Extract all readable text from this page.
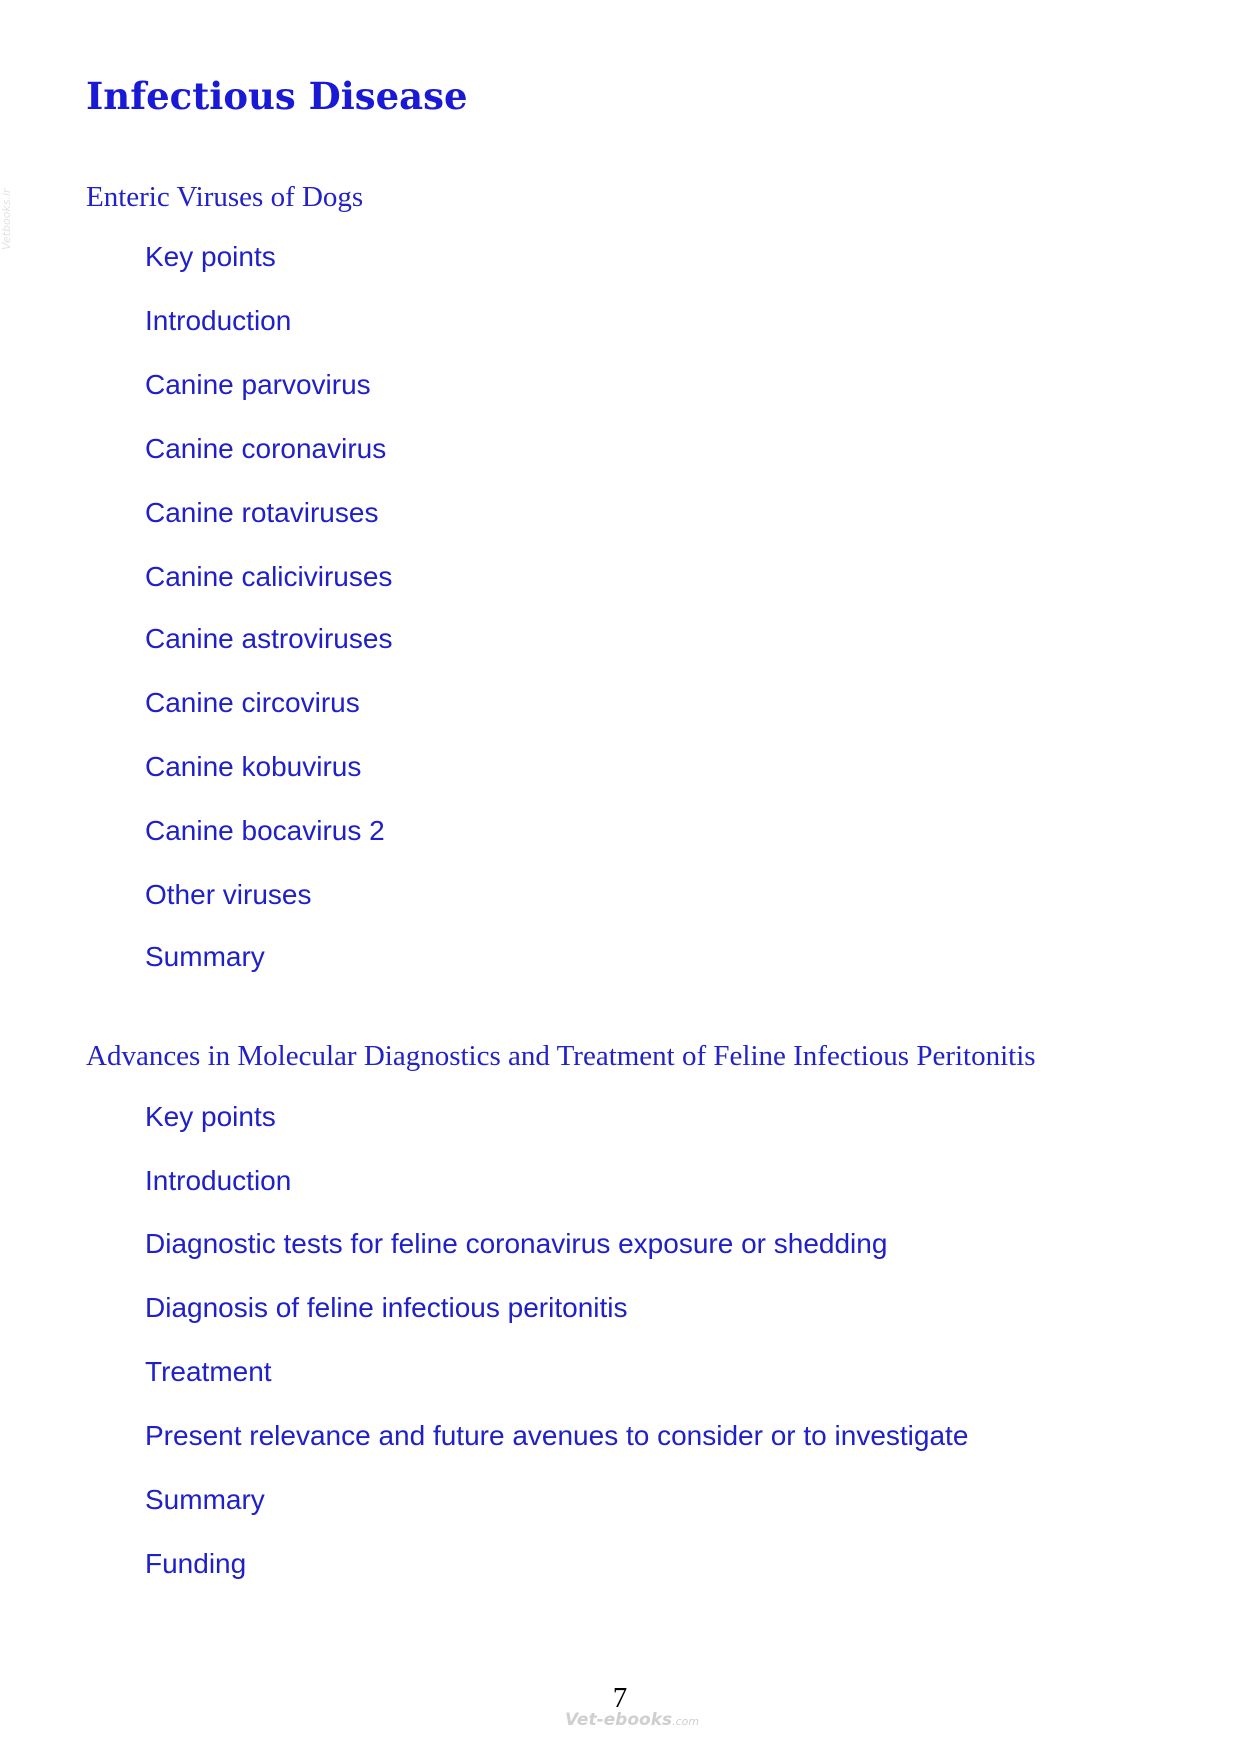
Infectious Disease
Enteric Viruses of Dogs
Key points
Introduction
Canine parvovirus
Canine coronavirus
Canine rotaviruses
Canine caliciviruses
Canine astroviruses
Canine circovirus
Canine kobuvirus
Canine bocavirus 2
Other viruses
Summary
Advances in Molecular Diagnostics and Treatment of Feline Infectious Peritonitis
Key points
Introduction
Diagnostic tests for feline coronavirus exposure or shedding
Diagnosis of feline infectious peritonitis
Treatment
Present relevance and future avenues to consider or to investigate
Summary
Funding
Vetbooks.ir
7
Vet-ebooks.com
